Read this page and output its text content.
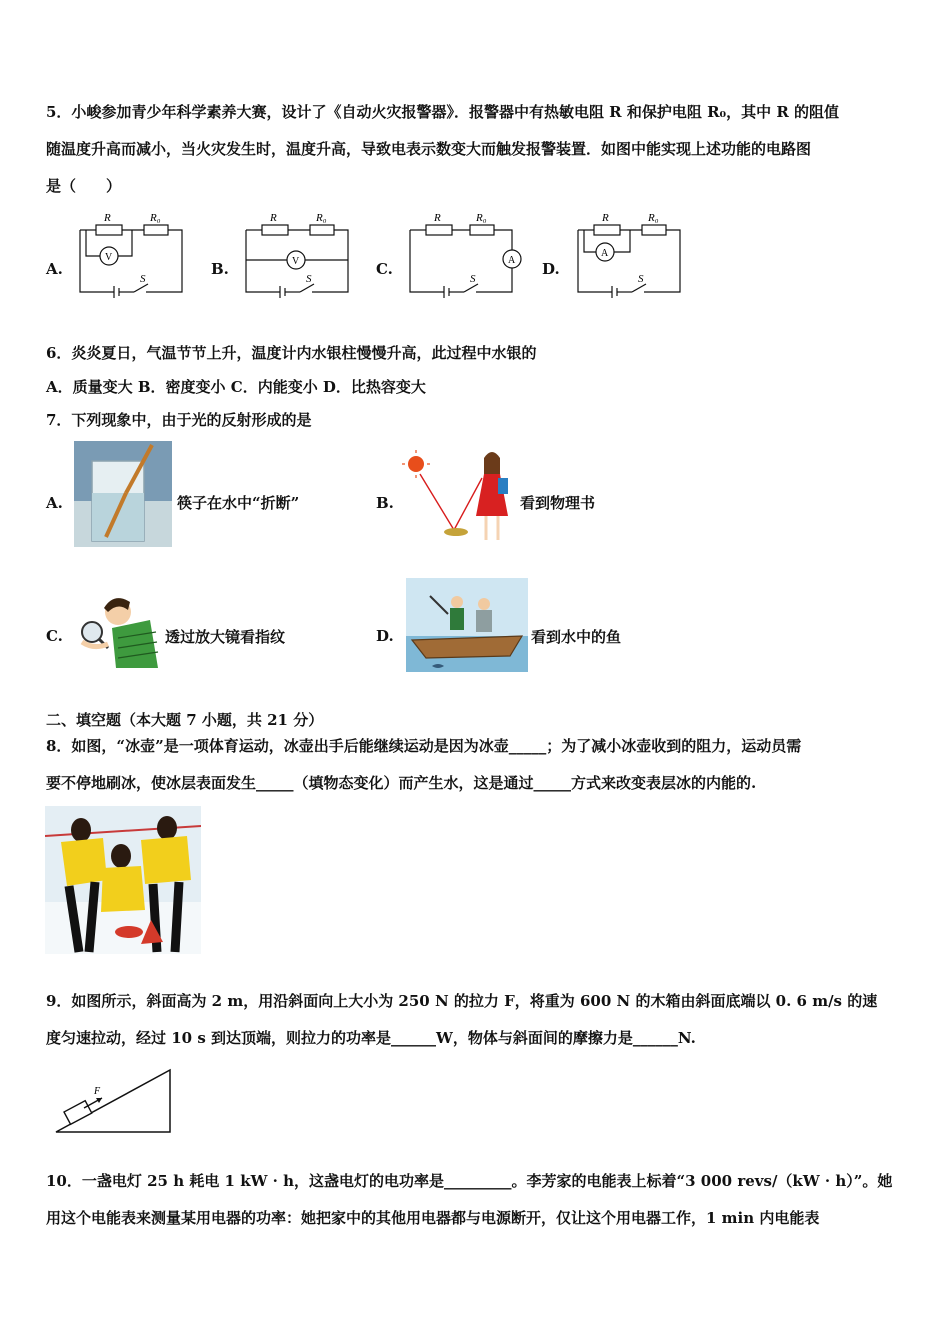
5．小峻参加青少年科学素养大赛，设计了《自动火灾报警器》．报警器中有热敏电阻 R 和保护电阻 R₀，其中 R 的阻值
随温度升高而减小，当火灾发生时，温度升高，导致电表示数变大而触发报警装置．如图中能实现上述功能的电路图
是（　　）
A.	B.	C.	D.
R	R₀
V
S
R	R₀
V
S
R	R₀
A
S
R	R₀
A
S
6．炎炎夏日，气温节节上升，温度计内水银柱慢慢升高，此过程中水银的
A．质量变大 B．密度变小 C．内能变小 D．比热容变大
7．下列现象中，由于光的反射形成的是
A.	筷子在水中“折断”	B.	看到物理书
C.	透过放大镜看指纹	D.	看到水中的鱼
二、填空题（本大题 7 小题，共 21 分）
8．如图，“冰壶”是一项体育运动，冰壶出手后能继续运动是因为冰壶_____；为了减小冰壶收到的阻力，运动员需
要不停地刷冰，使冰层表面发生_____（填物态变化）而产生水，这是通过_____方式来改变表层冰的内能的.
9．如图所示，斜面高为 2 m，用沿斜面向上大小为 250 N 的拉力 F，将重为 600 N 的木箱由斜面底端以 0. 6 m/s 的速
度匀速拉动，经过 10 s 到达顶端，则拉力的功率是______W，物体与斜面间的摩擦力是______N.
F
10．一盏电灯 25 h 耗电 1 kW · h，这盏电灯的电功率是_________。李芳家的电能表上标着“3 000 revs/（kW · h）”。她
用这个电能表来测量某用电器的功率：她把家中的其他用电器都与电源断开，仅让这个用电器工作，1 min 内电能表
